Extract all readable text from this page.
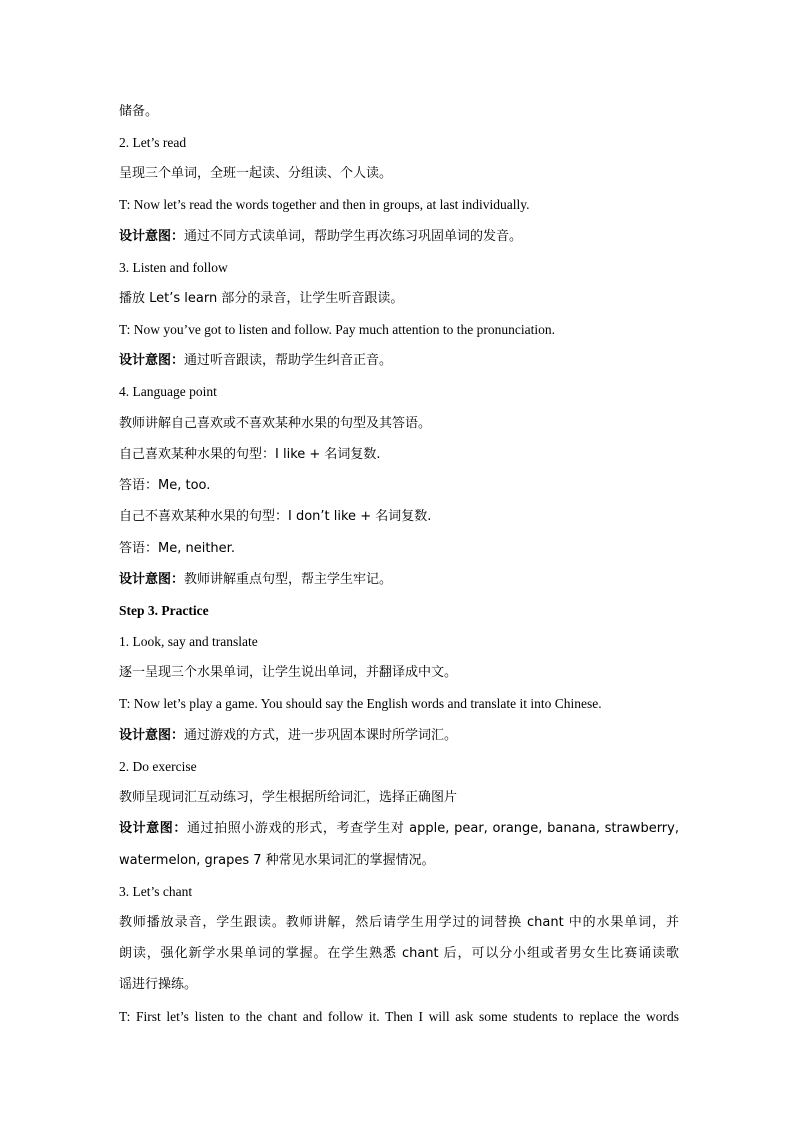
储备。
2. Let’s read
呈现三个单词，全班一起读、分组读、个人读。
T: Now let’s read the words together and then in groups, at last individually.
设计意图：通过不同方式读单词，帮助学生再次练习巩固单词的发音。
3. Listen and follow
播放 Let’s learn 部分的录音，让学生听音跟读。
T: Now you’ve got to listen and follow. Pay much attention to the pronunciation.
设计意图：通过听音跟读，帮助学生纠音正音。
4. Language point
教师讲解自己喜欢或不喜欢某种水果的句型及其答语。
自己喜欢某种水果的句型：I like + 名词复数.
答语：Me, too.
自己不喜欢某种水果的句型：I don’t like + 名词复数.
答语：Me, neither.
设计意图：教师讲解重点句型，帮主学生牢记。
Step 3. Practice
1. Look, say and translate
逐一呈现三个水果单词，让学生说出单词，并翻译成中文。
T: Now let’s play a game. You should say the English words and translate it into Chinese.
设计意图：通过游戏的方式，进一步巩固本课时所学词汇。
2. Do exercise
教师呈现词汇互动练习，学生根据所给词汇，选择正确图片
设计意图：通过拍照小游戏的形式，考查学生对 apple, pear, orange, banana, strawberry,
watermelon, grapes 7 种常见水果词汇的掌握情况。
3. Let’s chant
教师播放录音，学生跟读。教师讲解，然后请学生用学过的词替换 chant 中的水果单词，并
朗读，强化新学水果单词的掌握。在学生熟悉 chant 后，可以分小组或者男女生比赛诵读歌
谣进行操练。
T: First let’s listen to the chant and follow it. Then I will ask some students to replace the words
